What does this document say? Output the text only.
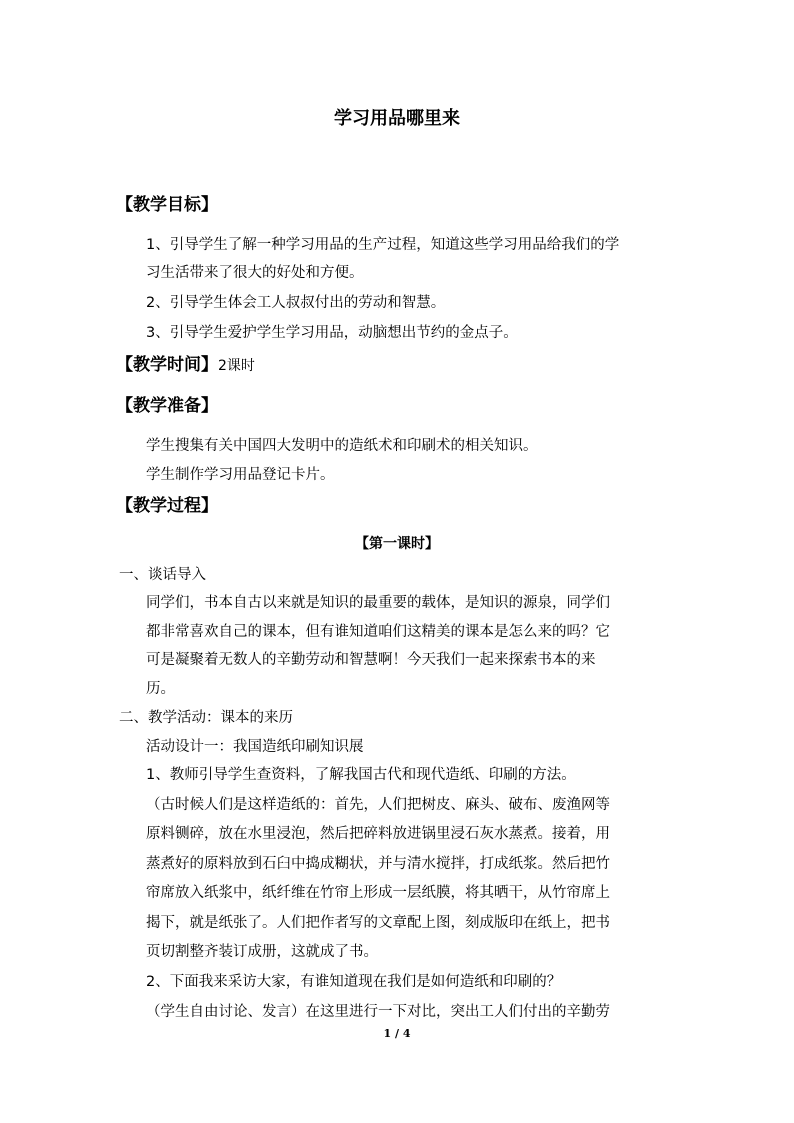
学习用品哪里来
【教学目标】
1、引导学生了解一种学习用品的生产过程，知道这些学习用品给我们的学
习生活带来了很大的好处和方便。
2、引导学生体会工人叔叔付出的劳动和智慧。
3、引导学生爱护学生学习用品，动脑想出节约的金点子。
【教学时间】2课时
【教学准备】
学生搜集有关中国四大发明中的造纸术和印刷术的相关知识。
学生制作学习用品登记卡片。
【教学过程】
【第一课时】
一、谈话导入
同学们，书本自古以来就是知识的最重要的载体，是知识的源泉，同学们
都非常喜欢自己的课本，但有谁知道咱们这精美的课本是怎么来的吗？它
可是凝聚着无数人的辛勤劳动和智慧啊！今天我们一起来探索书本的来
历。
二、教学活动：课本的来历
活动设计一：我国造纸印刷知识展
1、教师引导学生查资料，了解我国古代和现代造纸、印刷的方法。
（古时候人们是这样造纸的：首先，人们把树皮、麻头、破布、废渔网等
原料铡碎，放在水里浸泡，然后把碎料放进锅里浸石灰水蒸煮。接着，用
蒸煮好的原料放到石臼中捣成糊状，并与清水搅拌，打成纸浆。然后把竹
帘席放入纸浆中，纸纤维在竹帘上形成一层纸膜，将其晒干，从竹帘席上
揭下，就是纸张了。人们把作者写的文章配上图，刻成版印在纸上，把书
页切割整齐装订成册，这就成了书。
2、下面我来采访大家，有谁知道现在我们是如何造纸和印刷的？
（学生自由讨论、发言）在这里进行一下对比，突出工人们付出的辛勤劳
1 / 4
